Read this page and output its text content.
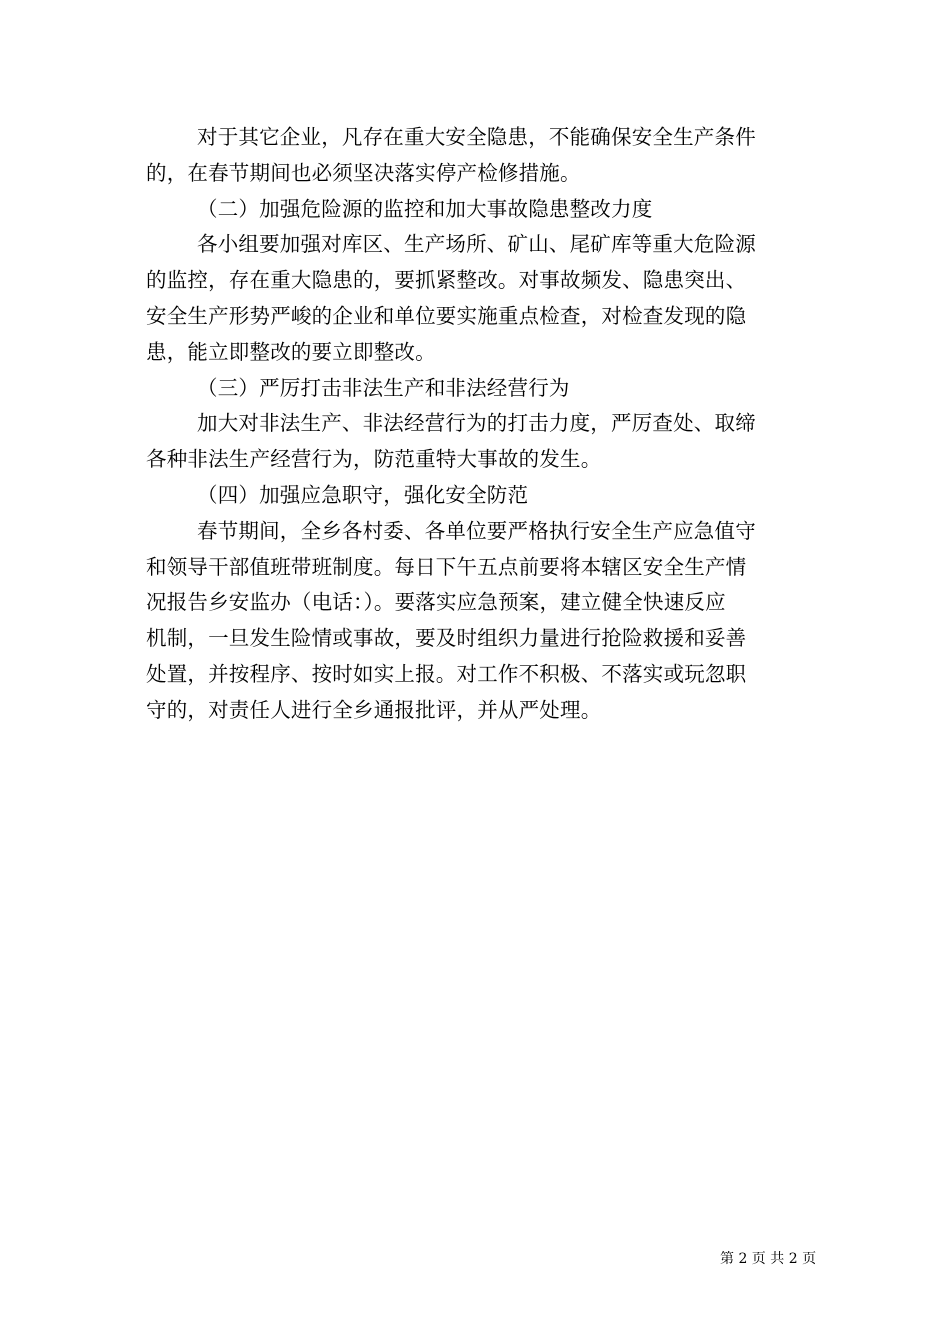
对于其它企业，凡存在重大安全隐患，不能确保安全生产条件
的，在春节期间也必须坚决落实停产检修措施。
（二）加强危险源的监控和加大事故隐患整改力度
各小组要加强对库区、生产场所、矿山、尾矿库等重大危险源
的监控，存在重大隐患的，要抓紧整改。对事故频发、隐患突出、
安全生产形势严峻的企业和单位要实施重点检查，对检查发现的隐
患，能立即整改的要立即整改。
（三）严厉打击非法生产和非法经营行为
加大对非法生产、非法经营行为的打击力度，严厉查处、取缔
各种非法生产经营行为，防范重特大事故的发生。
（四）加强应急职守，强化安全防范
春节期间，全乡各村委、各单位要严格执行安全生产应急值守
和领导干部值班带班制度。每日下午五点前要将本辖区安全生产情
况报告乡安监办（电话：）。要落实应急预案，建立健全快速反应
机制，一旦发生险情或事故，要及时组织力量进行抢险救援和妥善
处置，并按程序、按时如实上报。对工作不积极、不落实或玩忽职
守的，对责任人进行全乡通报批评，并从严处理。
第 2 页 共 2 页
